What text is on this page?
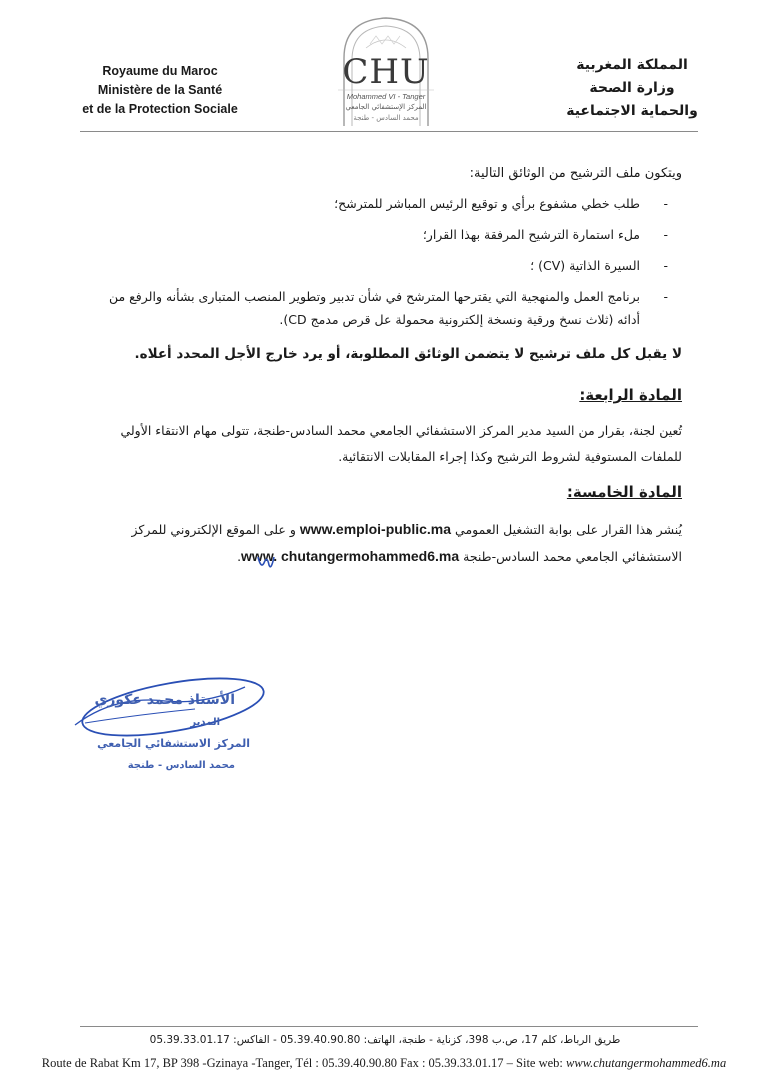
Royaume du Maroc
Ministère de la Santé
et de la Protection Sociale
CHU
Mohammed VI - Tanger
المركز الإستشفائي الجامعي
محمد السادس - طنجة
المملكة المغربية
وزارة الصحة
والحماية الاجتماعية
ويتكون ملف الترشيح من الوثائق التالية:
-
طلب خطي مشفوع برأي و توقيع الرئيس المباشر للمترشح؛
-
ملء استمارة الترشيح المرفقة بهذا القرار؛
-
السيرة الذاتية (CV) ؛
-
برنامج العمل والمنهجية التي يقترحها المترشح في شأن تدبير وتطوير المنصب المتبارى بشأنه والرفع من أدائه (ثلاث نسخ ورقية ونسخة إلكترونية محمولة عل قرص مدمج CD).
لا يقبل كل ملف ترشيح لا يتضمن الوثائق المطلوبة، أو يرد خارج الأجل المحدد أعلاه.
المادة الرابعة:
تُعين لجنة، بقرار من السيد مدير المركز الاستشفائي الجامعي محمد السادس-طنجة، تتولى مهام الانتقاء الأولي للملفات المستوفية لشروط الترشيح وكذا إجراء المقابلات الانتقائية.
المادة الخامسة:
يُنشر هذا القرار على بوابة التشغيل العمومي www.emploi-public.ma و على الموقع الإلكتروني للمركز الاستشفائي الجامعي محمد السادس-طنجة www. chutangermohammed6.ma.
الأستاذ محمد عكوري
المدير
المركز الاستشفائي الجامعي
محمد السادس - طنجة
طريق الرباط، كلم 17، ص.ب 398، كزناية - طنجة، الهاتف: 05.39.40.90.80 - الفاكس: 05.39.33.01.17
Route de Rabat Km 17, BP 398 -Gzinaya -Tanger, Tél : 05.39.40.90.80 Fax : 05.39.33.01.17 – Site web: www.chutangermohammed6.ma
